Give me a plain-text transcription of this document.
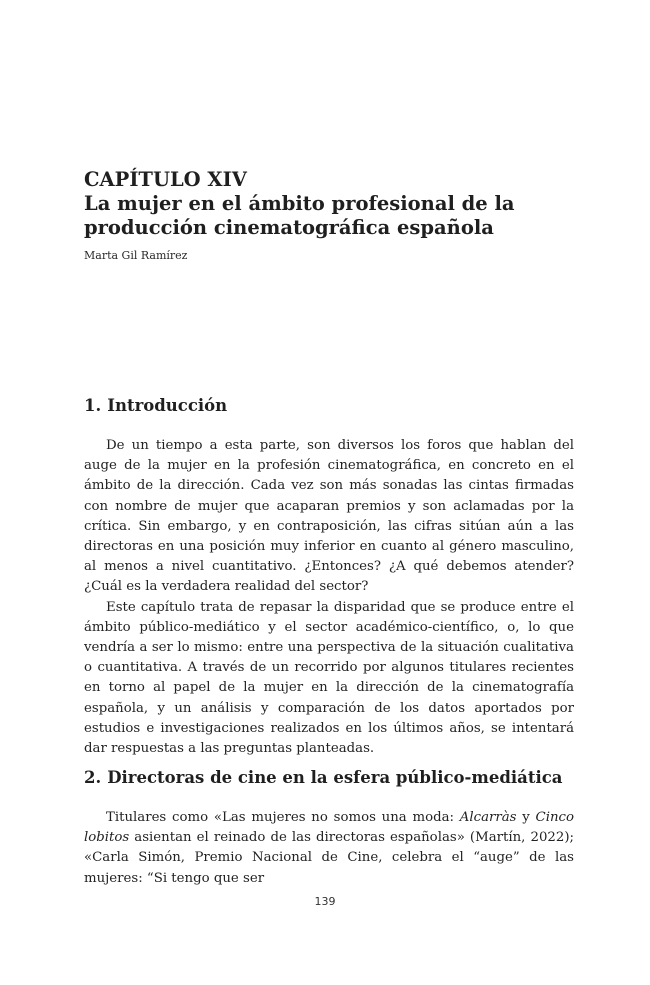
CAPÍTULO XIV

La mujer en el ámbito profesional de la producción cinematográfica española

Marta Gil Ramírez
1. Introducción

De un tiempo a esta parte, son diversos los foros que hablan del auge de la mujer en la profesión cinematográfica, en concreto en el ámbito de la dirección. Cada vez son más sonadas las cintas firmadas con nombre de mujer que acaparan premios y son aclamadas por la crítica. Sin embargo, y en contraposición, las cifras sitúan aún a las directoras en una posición muy inferior en cuanto al género masculino, al menos a nivel cuantitativo. ¿Entonces? ¿A qué debemos atender? ¿Cuál es la verdadera realidad del sector?

Este capítulo trata de repasar la disparidad que se produce entre el ámbito público-mediático y el sector académico-científico, o, lo que vendría a ser lo mismo: entre una perspectiva de la situación cualitativa o cuantitativa. A través de un recorrido por algunos titulares recientes en torno al papel de la mujer en la dirección de la cinematografía española, y un análisis y comparación de los datos aportados por estudios e investigaciones realizados en los últimos años, se intentará dar respuestas a las preguntas planteadas.

2. Directoras de cine en la esfera público-mediática

Titulares como «Las mujeres no somos una moda: Alcarràs y Cinco lobitos asientan el reinado de las directoras españolas» (Martín, 2022); «Carla Simón, Premio Nacional de Cine, celebra el “auge” de las mujeres: “Si tengo que ser

139
